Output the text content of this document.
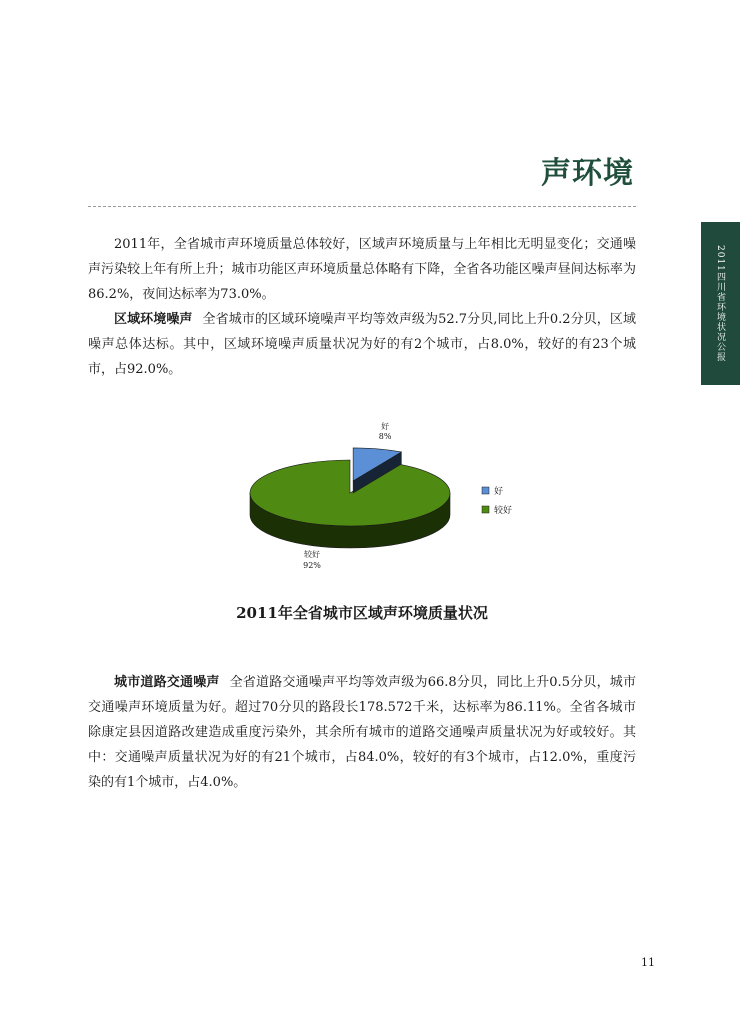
声环境
2011四川省环境状况公报

2011年，全省城市声环境质量总体较好，区域声环境质量与上年相比无明显变化；交通噪声污染较上年有所上升；城市功能区声环境质量总体略有下降，全省各功能区噪声昼间达标率为86.2%，夜间达标率为73.0%。

区域环境噪声 全省城市的区域环境噪声平均等效声级为52.7分贝,同比上升0.2分贝，区域噪声总体达标。其中，区域环境噪声质量状况为好的有2个城市，占8.0%，较好的有23个城市，占92.0%。

好 8%
较好 92%
好
较好
2011年全省城市区域声环境质量状况

城市道路交通噪声 全省道路交通噪声平均等效声级为66.8分贝，同比上升0.5分贝，城市交通噪声环境质量为好。超过70分贝的路段长178.572千米，达标率为86.11%。全省各城市除康定县因道路改建造成重度污染外，其余所有城市的道路交通噪声质量状况为好或较好。其中：交通噪声质量状况为好的有21个城市，占84.0%，较好的有3个城市，占12.0%，重度污染的有1个城市，占4.0%。

11
